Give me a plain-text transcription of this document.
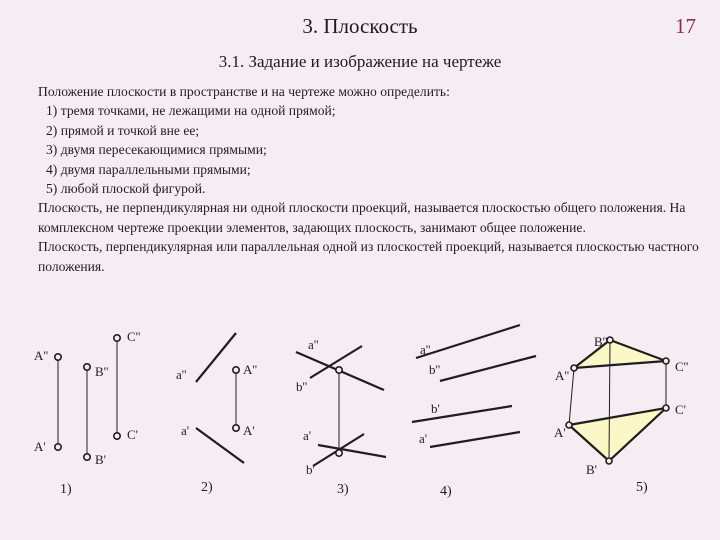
3. Плоскость	17
3.1. Задание и изображение на чертеже

Положение плоскости в пространстве и на чертеже можно определить:

1) тремя точками, не лежащими на одной прямой;

2) прямой и точкой вне ее;

3) двумя пересекающимися прямыми;

4) двумя параллельными прямыми;

5) любой плоской фигурой.

Плоскость, не перпендикулярная ни одной плоскости проекций, называется плоскостью общего положения. На комплексном чертеже проекции элементов, задающих плоскость, занимают общее положение.

Плоскость, перпендикулярная или параллельная одной из плоскостей проекций, называется плоскостью частного положения.

C''
A''
B''
C'
A'
B'
1)
a''	A''
a'	A'
2)
a''
b''
a'
b'
3)
a''
b''
b'
a'
4)
B''
A''
C''
C'
A'
B'
5)
